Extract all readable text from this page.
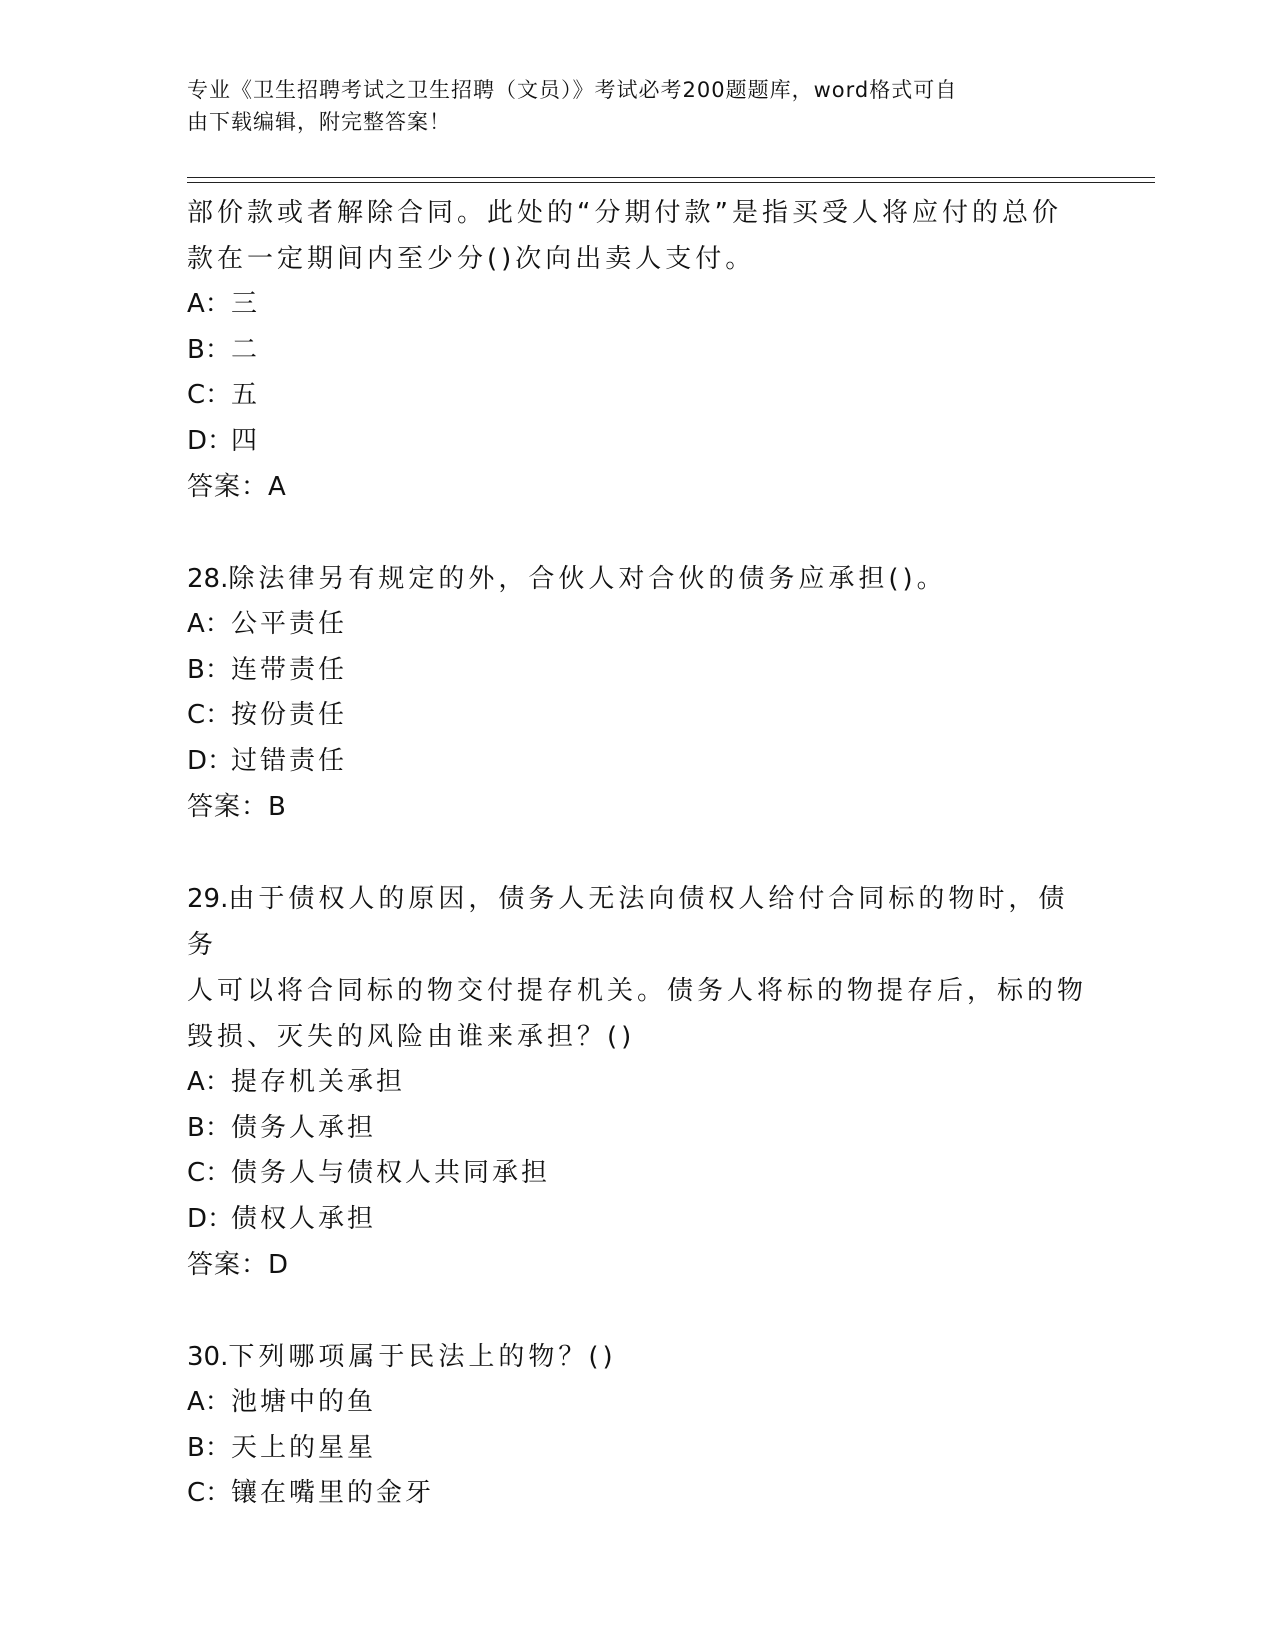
专业《卫生招聘考试之卫生招聘（文员）》考试必考200题题库，word格式可自
由下载编辑，附完整答案！

部价款或者解除合同。此处的“分期付款”是指买受人将应付的总价

款在一定期间内至少分()次向出卖人支付。

A：三
B：二
C：五
D：四
答案：A

28.除法律另有规定的外，合伙人对合伙的债务应承担()。

A：公平责任
B：连带责任
C：按份责任
D：过错责任
答案：B

29.由于债权人的原因，债务人无法向债权人给付合同标的物时，债务

人可以将合同标的物交付提存机关。债务人将标的物提存后，标的物

毁损、灭失的风险由谁来承担？()

A：提存机关承担
B：债务人承担
C：债务人与债权人共同承担
D：债权人承担
答案：D

30.下列哪项属于民法上的物？()

A：池塘中的鱼
B：天上的星星
C：镶在嘴里的金牙
